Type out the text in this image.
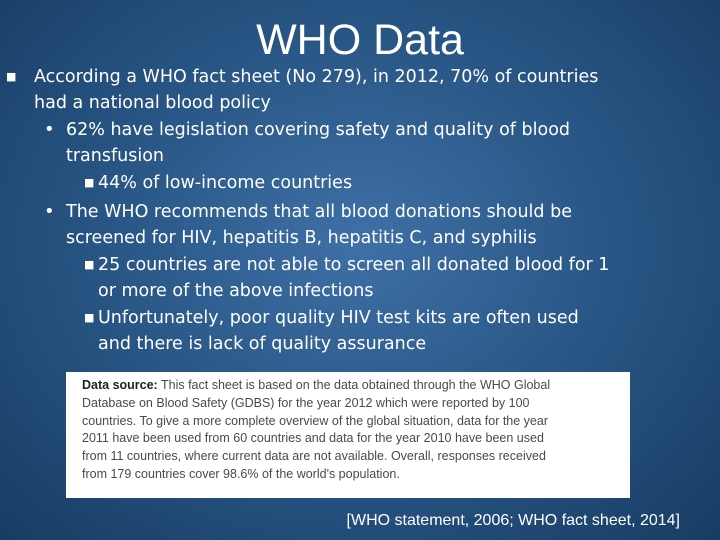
WHO Data
■ According a WHO fact sheet (No 279), in 2012, 70% of countries
had a national blood policy
• 62% have legislation covering safety and quality of blood
transfusion
■ 44% of low-income countries
• The WHO recommends that all blood donations should be
screened for HIV, hepatitis B, hepatitis C, and syphilis
■ 25 countries are not able to screen all donated blood for 1
or more of the above infections
■ Unfortunately, poor quality HIV test kits are often used
and there is lack of quality assurance
Data source: This fact sheet is based on the data obtained through the WHO Global
Database on Blood Safety (GDBS) for the year 2012 which were reported by 100
countries. To give a more complete overview of the global situation, data for the year
2011 have been used from 60 countries and data for the year 2010 have been used
from 11 countries, where current data are not available. Overall, responses received
from 179 countries cover 98.6% of the world's population.
[WHO statement, 2006; WHO fact sheet, 2014]
